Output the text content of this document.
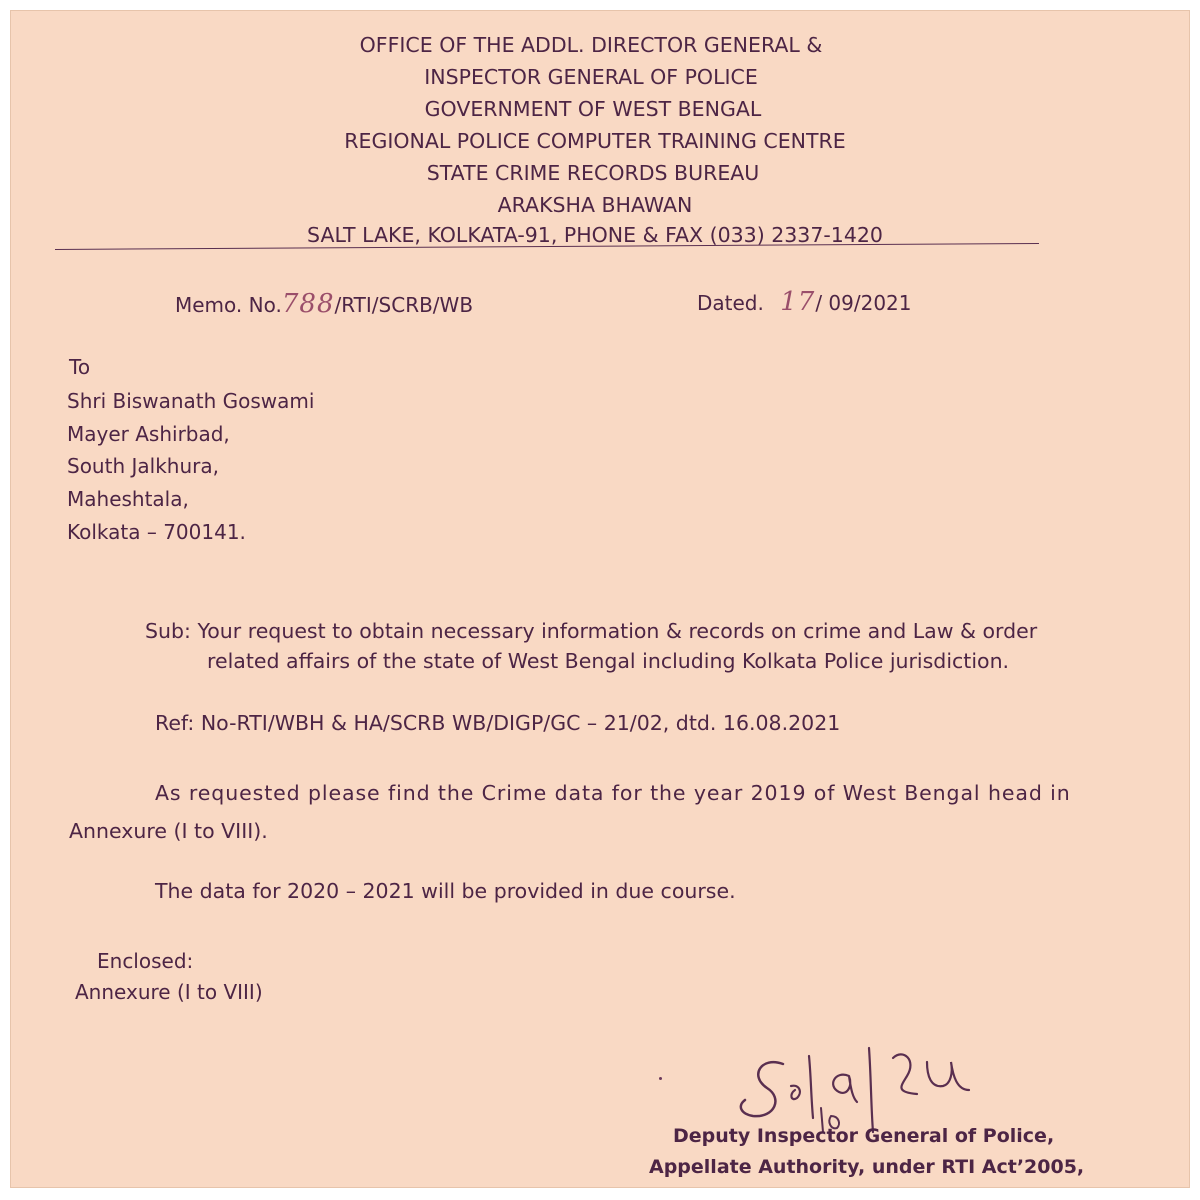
OFFICE OF THE ADDL. DIRECTOR GENERAL &
INSPECTOR GENERAL OF POLICE
GOVERNMENT OF WEST BENGAL
REGIONAL POLICE COMPUTER TRAINING CENTRE
STATE CRIME RECORDS BUREAU
ARAKSHA BHAWAN
SALT LAKE, KOLKATA-91, PHONE & FAX (033) 2337-1420
Memo. No.788/RTI/SCRB/WB	Dated. 17/ 09/2021
To
Shri Biswanath Goswami
Mayer Ashirbad,
South Jalkhura,
Maheshtala,
Kolkata – 700141.
Sub: Your request to obtain necessary information & records on crime and Law & order
related affairs of the state of West Bengal including Kolkata Police jurisdiction.
Ref: No-RTI/WBH & HA/SCRB WB/DIGP/GC – 21/02, dtd. 16.08.2021
As requested please find the Crime data for the year 2019 of West Bengal head in
Annexure (I to VIII).
The data for 2020 – 2021 will be provided in due course.
Enclosed:
Annexure (I to VIII)
Deputy Inspector General of Police,
Appellate Authority, under RTI Act’2005,
